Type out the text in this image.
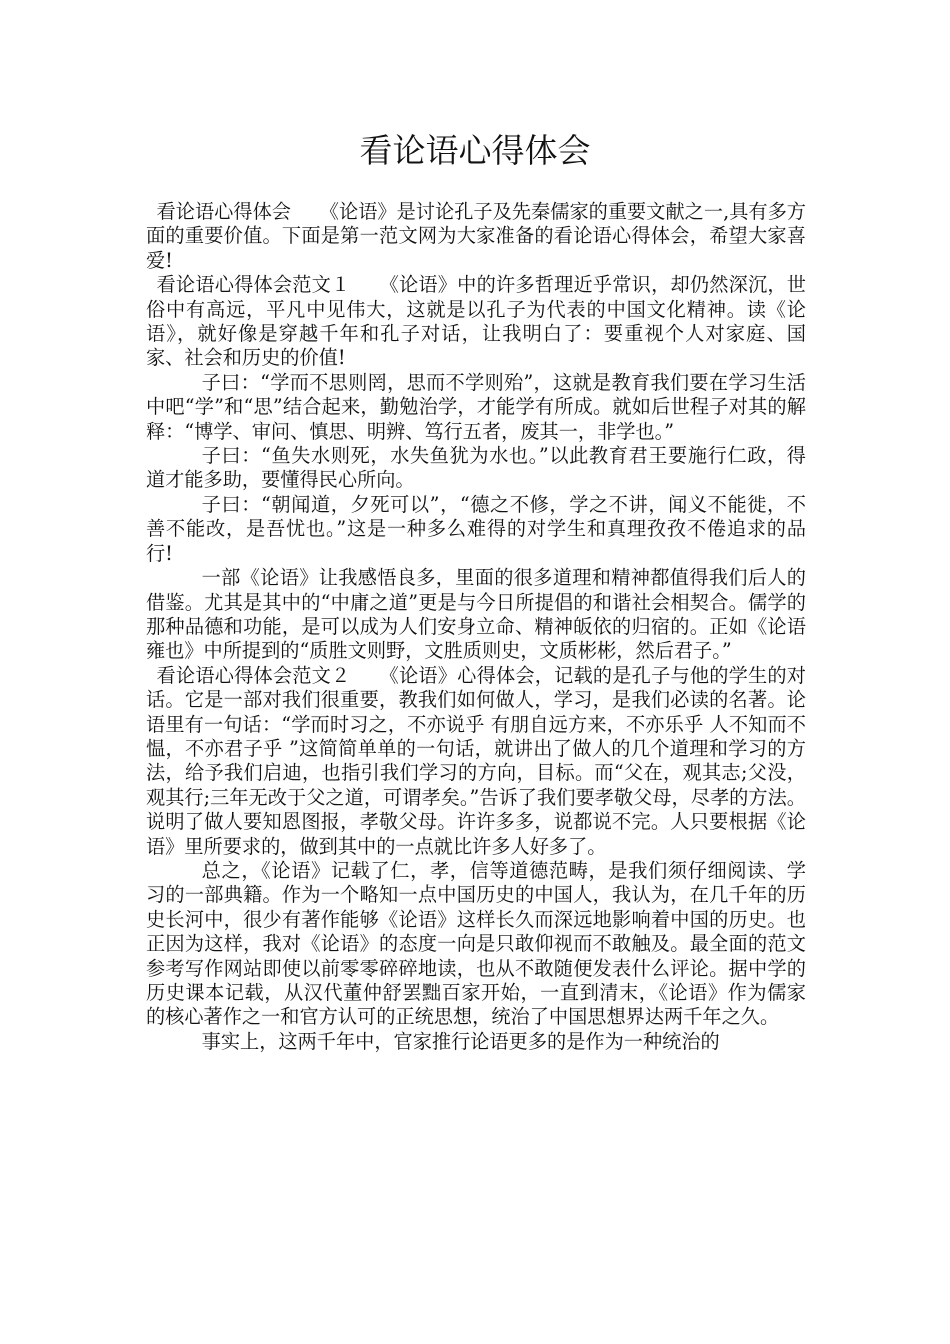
看论语心得体会

看论语心得体会　　《论语》是讨论孔子及先秦儒家的重要文献之一,具有多方面的重要价值。下面是第一范文网为大家准备的看论语心得体会，希望大家喜爱!

看论语心得体会范文１　　《论语》中的许多哲理近乎常识，却仍然深沉，世俗中有高远，平凡中见伟大，这就是以孔子为代表的中国文化精神。读《论语》，就好像是穿越千年和孔子对话，让我明白了：要重视个人对家庭、国家、社会和历史的价值!

子曰：“学而不思则罔，思而不学则殆”，这就是教育我们要在学习生活中吧“学”和“思”结合起来，勤勉治学，才能学有所成。就如后世程子对其的解释：“博学、审问、慎思、明辨、笃行五者，废其一，非学也。”

子曰：“鱼失水则死，水失鱼犹为水也。”以此教育君王要施行仁政，得道才能多助，要懂得民心所向。

子曰：“朝闻道，夕死可以”，“德之不修，学之不讲，闻义不能徙，不善不能改，是吾忧也。”这是一种多么难得的对学生和真理孜孜不倦追求的品行!

一部《论语》让我感悟良多，里面的很多道理和精神都值得我们后人的借鉴。尤其是其中的“中庸之道”更是与今日所提倡的和谐社会相契合。儒学的那种品德和功能，是可以成为人们安身立命、精神皈依的归宿的。正如《论语 雍也》中所提到的“质胜文则野，文胜质则史，文质彬彬，然后君子。”

看论语心得体会范文２　　《论语》心得体会，记载的是孔子与他的学生的对话。它是一部对我们很重要，教我们如何做人，学习，是我们必读的名著。论语里有一句话：“学而时习之，不亦说乎 有朋自远方来，不亦乐乎 人不知而不愠，不亦君子乎 ”这简简单单的一句话，就讲出了做人的几个道理和学习的方法，给予我们启迪，也指引我们学习的方向，目标。而“父在，观其志;父没，观其行;三年无改于父之道，可谓孝矣。”告诉了我们要孝敬父母，尽孝的方法。说明了做人要知恩图报，孝敬父母。许许多多，说都说不完。人只要根据《论语》里所要求的，做到其中的一点就比许多人好多了。

总之，《论语》记载了仁，孝，信等道德范畴，是我们须仔细阅读、学习的一部典籍。作为一个略知一点中国历史的中国人，我认为，在几千年的历史长河中，很少有著作能够《论语》这样长久而深远地影响着中国的历史。也正因为这样，我对《论语》的态度一向是只敢仰视而不敢触及。最全面的范文参考写作网站即使以前零零碎碎地读，也从不敢随便发表什么评论。据中学的历史课本记载，从汉代董仲舒罢黜百家开始，一直到清末，《论语》作为儒家的核心著作之一和官方认可的正统思想，统治了中国思想界达两千年之久。

事实上，这两千年中，官家推行论语更多的是作为一种统治的
